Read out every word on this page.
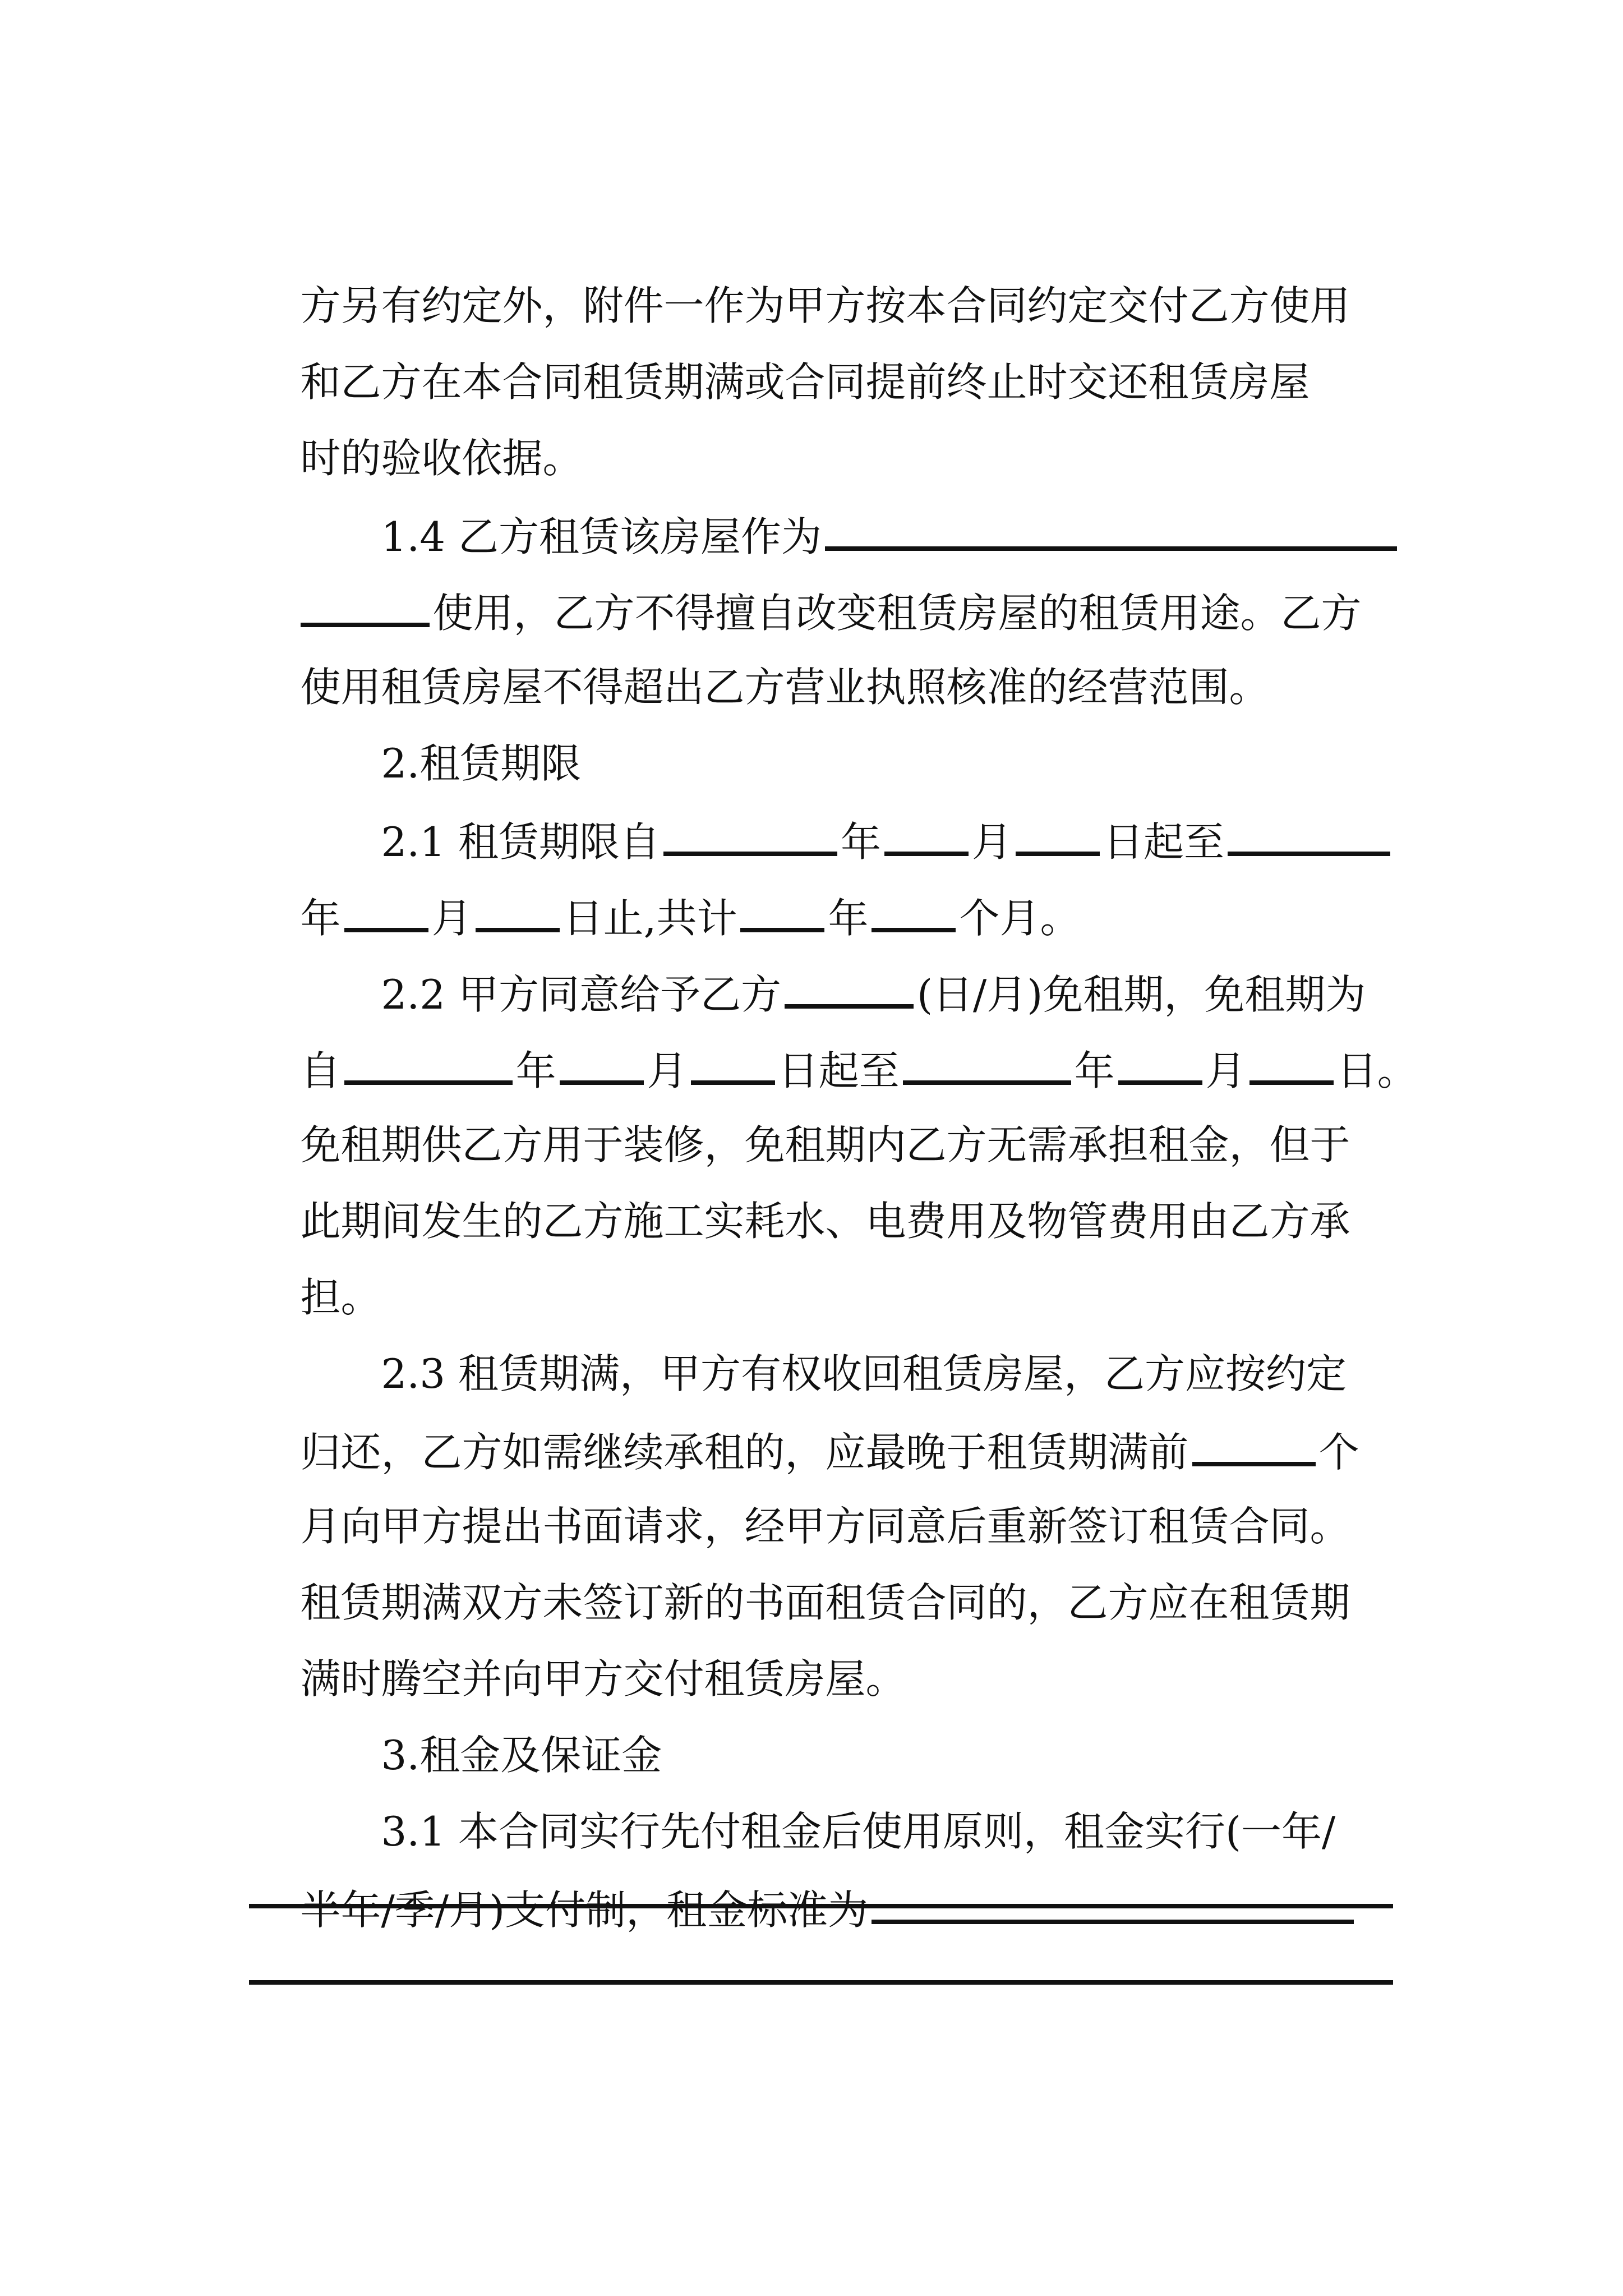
方另有约定外，附件一作为甲方按本合同约定交付乙方使用

和乙方在本合同租赁期满或合同提前终止时交还租赁房屋

时的验收依据。

1.4 乙方租赁该房屋作为

使用，乙方不得擅自改变租赁房屋的租赁用途。乙方

使用租赁房屋不得超出乙方营业执照核准的经营范围。

2.租赁期限

2.1 租赁期限自	年 月 日起至

年 月 日止,共计 年 个月。

2.2 甲方同意给予乙方	(日/月)免租期，免租期为

自	年 月 日起至	年 月 日。

免租期供乙方用于装修，免租期内乙方无需承担租金，但于

此期间发生的乙方施工实耗水、电费用及物管费用由乙方承

担。

2.3 租赁期满，甲方有权收回租赁房屋，乙方应按约定

归还，乙方如需继续承租的，应最晚于租赁期满前	个

月向甲方提出书面请求，经甲方同意后重新签订租赁合同。

租赁期满双方未签订新的书面租赁合同的，乙方应在租赁期

满时腾空并向甲方交付租赁房屋。

3.租金及保证金

3.1 本合同实行先付租金后使用原则，租金实行(一年/

半年/季/月)支付制，租金标准为
